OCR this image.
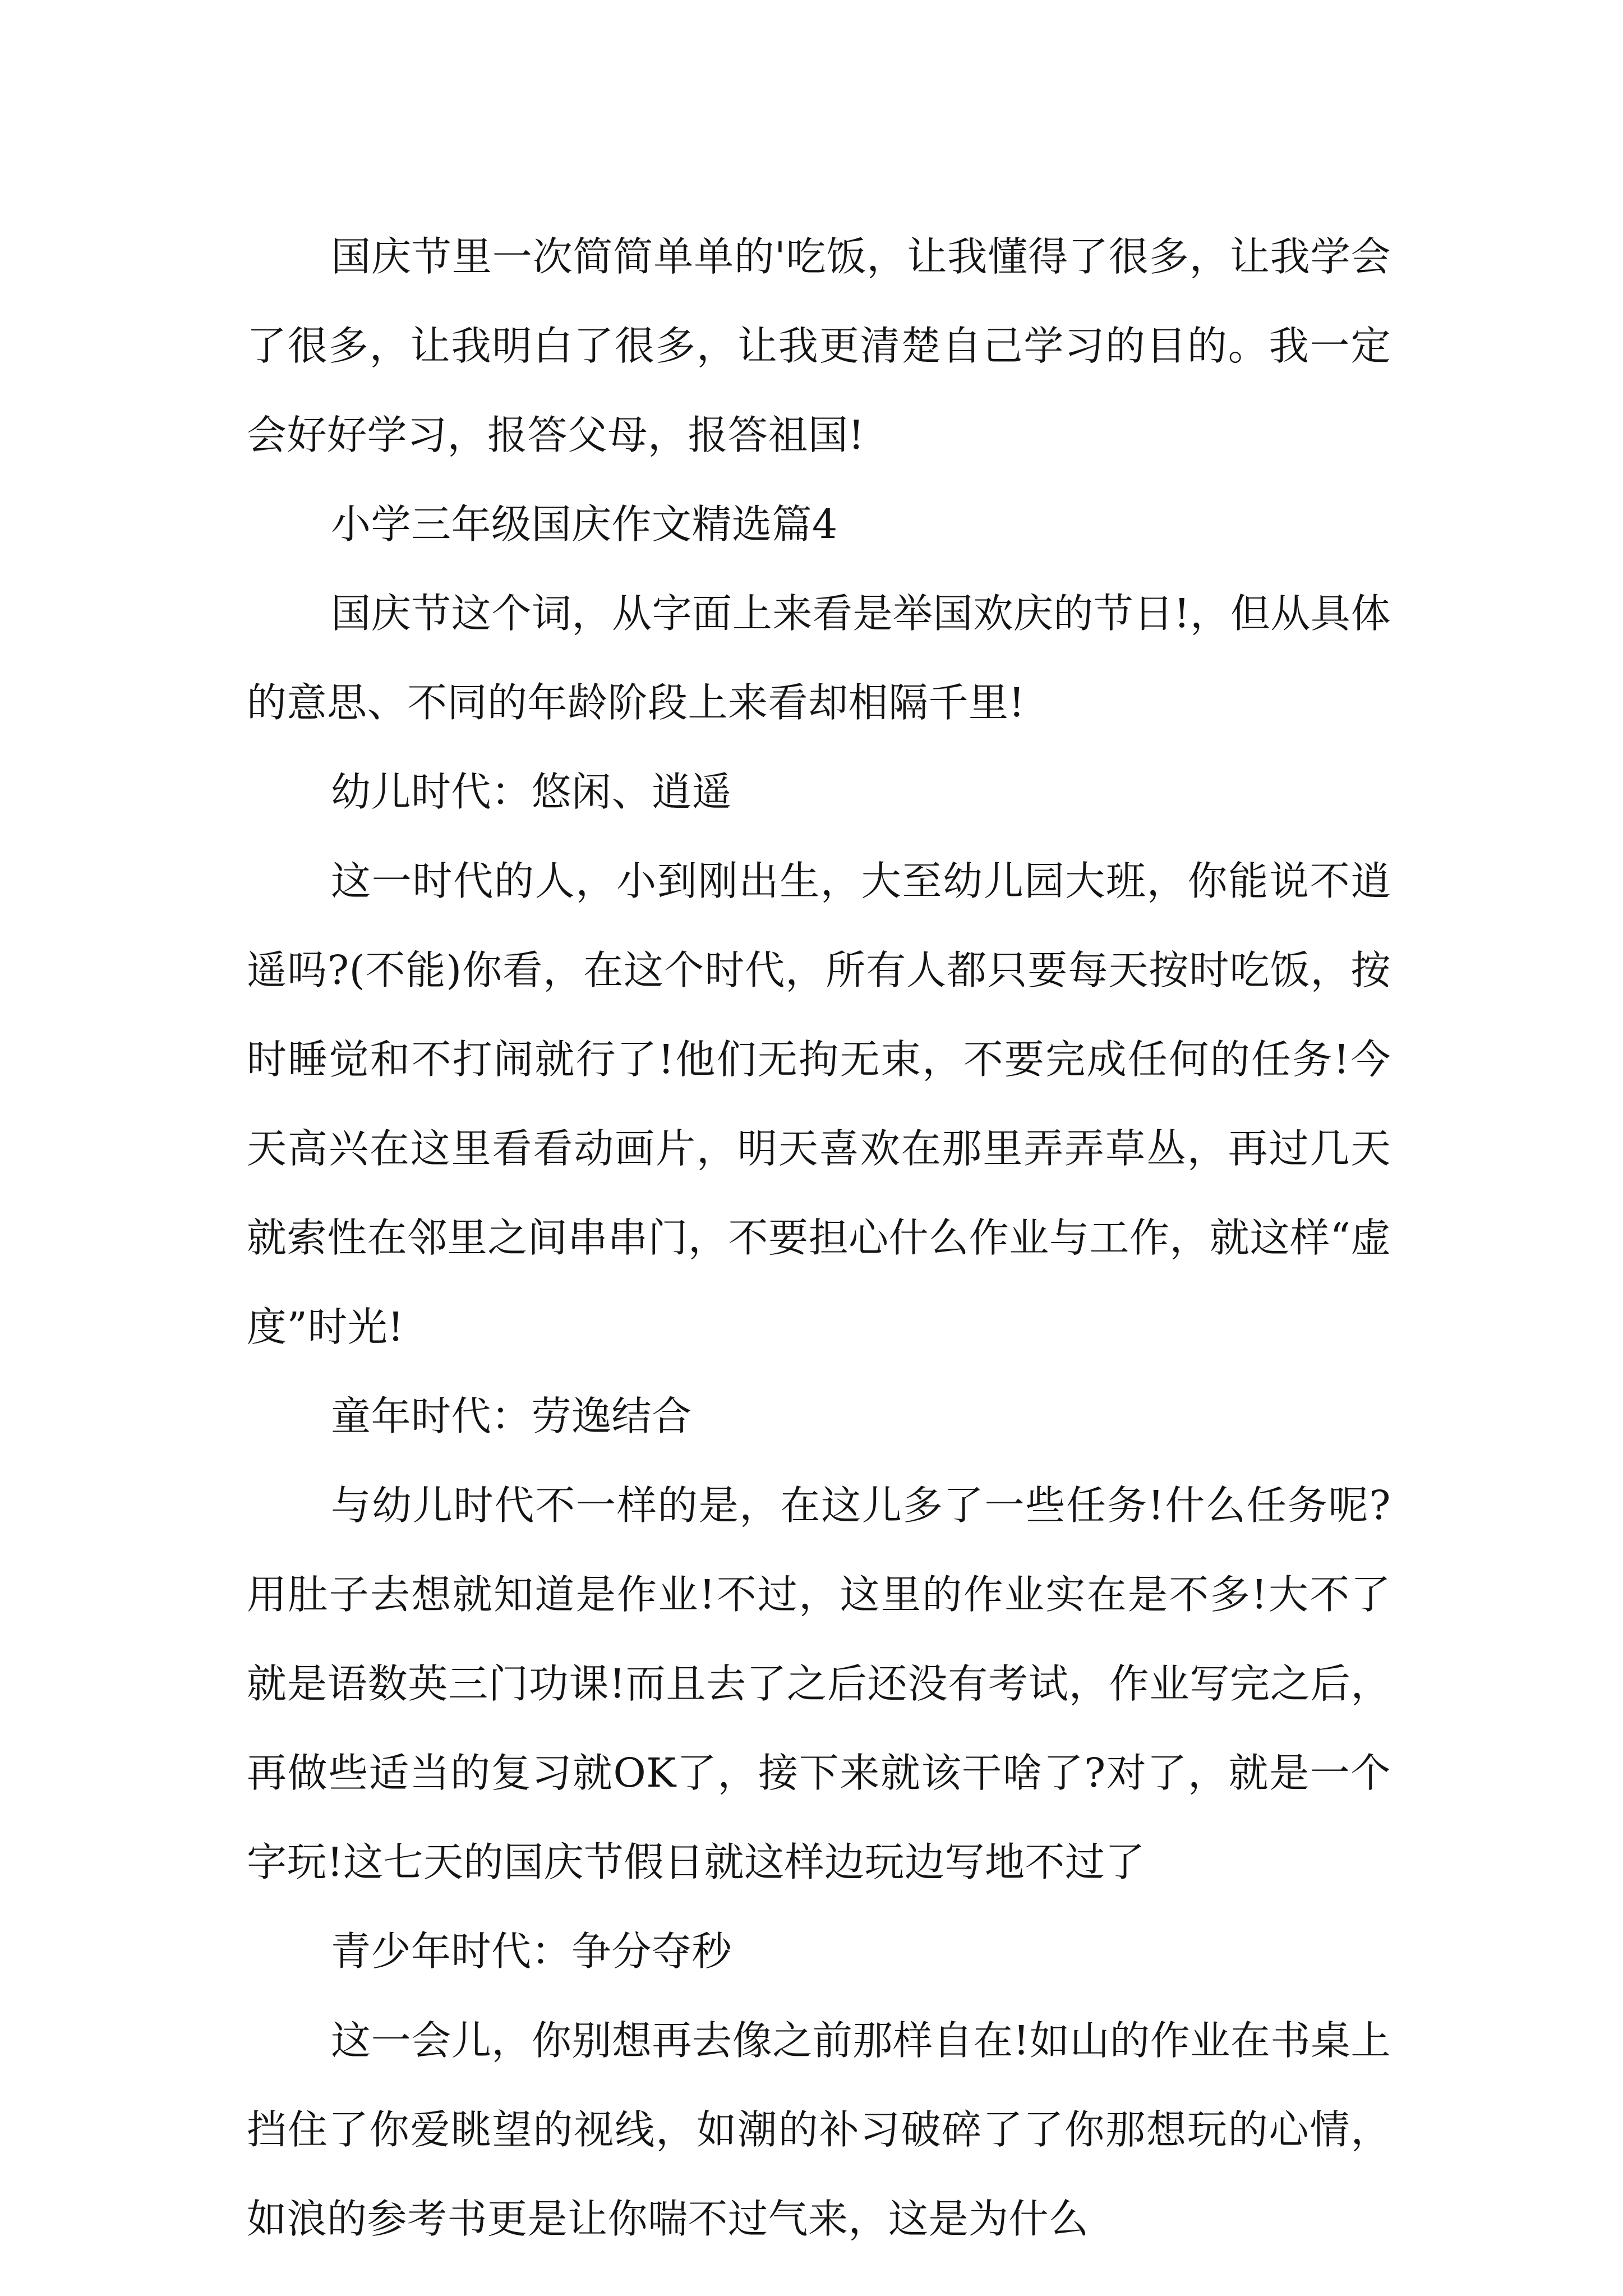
国庆节里一次简简单单的'吃饭，让我懂得了很多，让我学会了很多，让我明白了很多，让我更清楚自己学习的目的。我一定会好好学习，报答父母，报答祖国!

小学三年级国庆作文精选篇4

国庆节这个词，从字面上来看是举国欢庆的节日!，但从具体的意思、不同的年龄阶段上来看却相隔千里!

幼儿时代：悠闲、逍遥

这一时代的人，小到刚出生，大至幼儿园大班，你能说不逍遥吗?(不能)你看，在这个时代，所有人都只要每天按时吃饭，按时睡觉和不打闹就行了!他们无拘无束，不要完成任何的任务!今天高兴在这里看看动画片，明天喜欢在那里弄弄草丛，再过几天就索性在邻里之间串串门，不要担心什么作业与工作，就这样“虚度”时光!

童年时代：劳逸结合

与幼儿时代不一样的是，在这儿多了一些任务!什么任务呢?用肚子去想就知道是作业!不过，这里的作业实在是不多!大不了就是语数英三门功课!而且去了之后还没有考试，作业写完之后，再做些适当的复习就OK了，接下来就该干啥了?对了，就是一个字玩!这七天的国庆节假日就这样边玩边写地不过了

青少年时代：争分夺秒

这一会儿，你别想再去像之前那样自在!如山的作业在书桌上挡住了你爱眺望的视线，如潮的补习破碎了了你那想玩的心情，如浪的参考书更是让你喘不过气来，这是为什么
